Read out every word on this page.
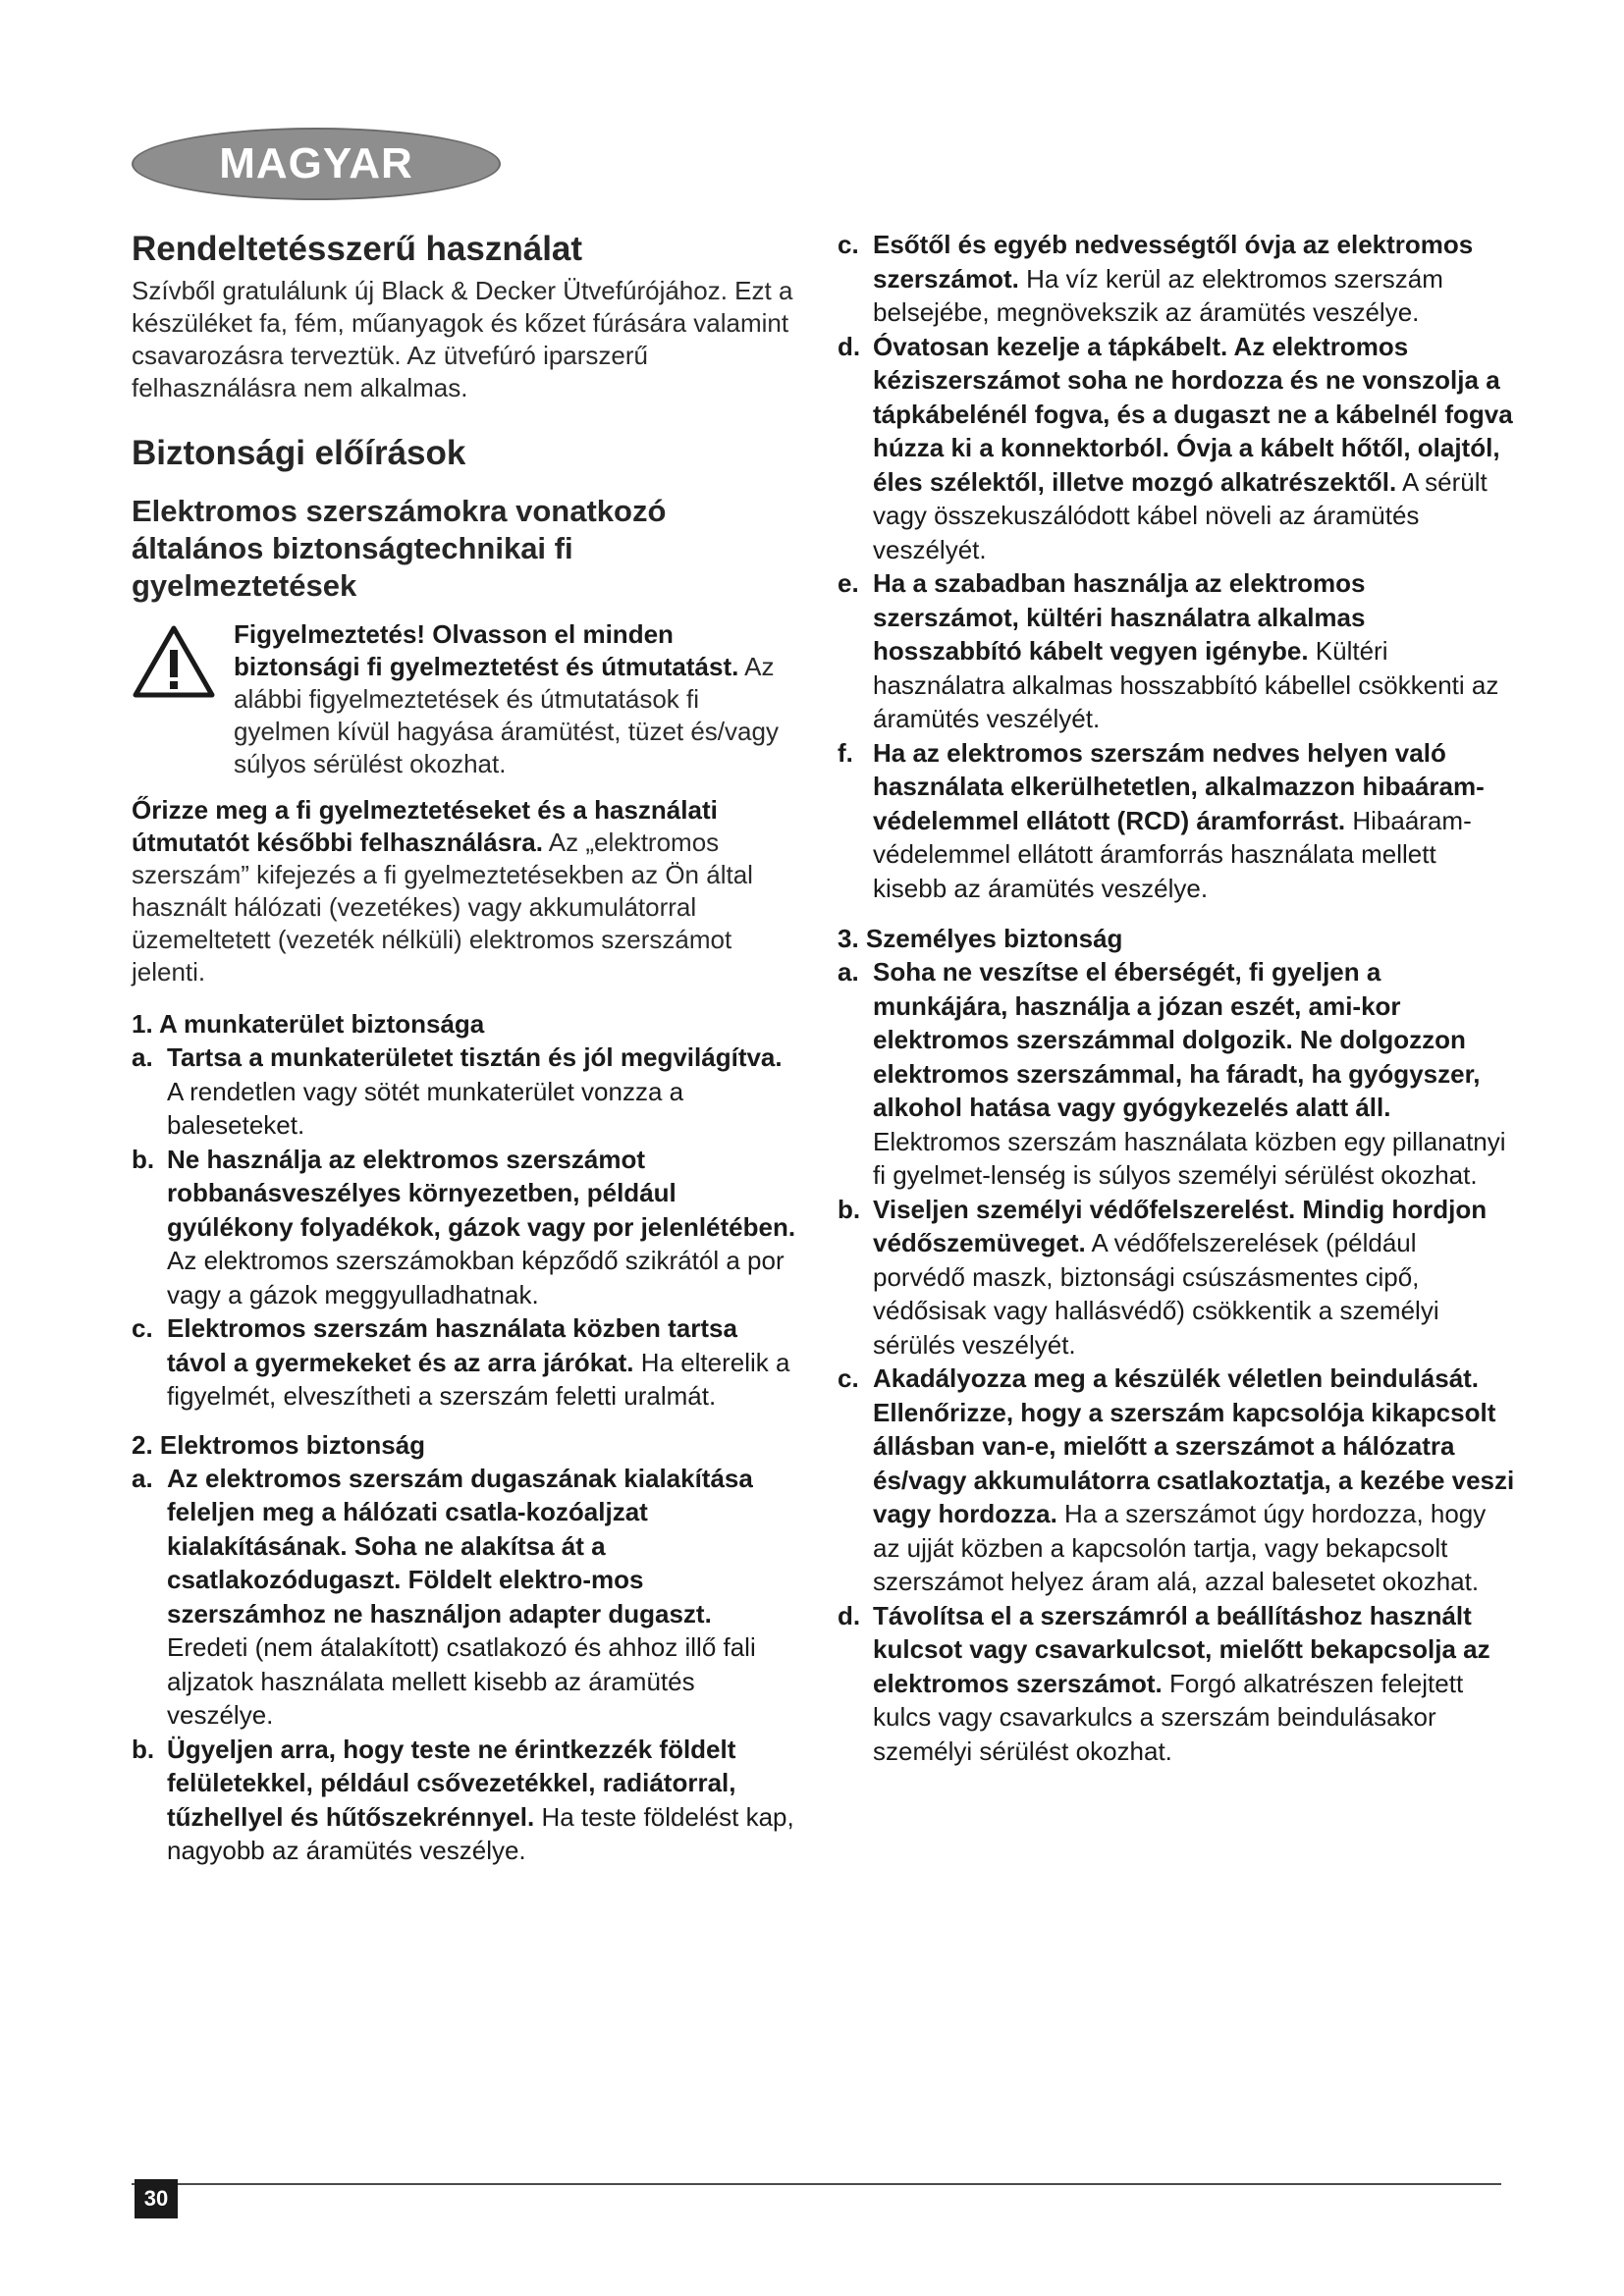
MAGYAR
Rendeltetésszerű használat

Szívből gratulálunk új Black & Decker Ütvefúrójához. Ezt a készüléket fa, fém, műanyagok és kőzet fúrására valamint csavarozásra terveztük. Az ütvefúró iparszerű felhasználásra nem alkalmas.

Biztonsági előírások
Elektromos szerszámokra vonatkozó általános biztonságtechnikai fi gyelmeztetések

Figyelmeztetés! Olvasson el minden biztonsági fi gyelmeztetést és útmutatást. Az alábbi figyelmeztetések és útmutatások fi gyelmen kívül hagyása áramütést, tüzet és/vagy súlyos sérülést okozhat.

Őrizze meg a fi gyelmeztetéseket és a használati útmutatót későbbi felhasználásra. Az „elektromos szerszám” kifejezés a fi gyelmeztetésekben az Ön által használt hálózati (vezetékes) vagy akkumulátorral üzemeltetett (vezeték nélküli) elektromos szerszámot jelenti.

1. A munkaterület biztonsága
a. Tartsa a munkaterületet tisztán és jól megvilágítva. A rendetlen vagy sötét munkaterület vonzza a baleseteket.
b. Ne használja az elektromos szerszámot robbanásveszélyes környezetben, például gyúlékony folyadékok, gázok vagy por jelenlétében. Az elektromos szerszámokban képződő szikrától a por vagy a gázok meggyulladhatnak.
c. Elektromos szerszám használata közben tartsa távol a gyermekeket és az arra járókat. Ha elterelik a figyelmét, elveszítheti a szerszám feletti uralmát.
2. Elektromos biztonság
a. Az elektromos szerszám dugaszának kialakítása feleljen meg a hálózati csatla-kozóaljzat kialakításának. Soha ne alakítsa át a csatlakozódugaszt. Földelt elektro-mos szerszámhoz ne használjon adapter dugaszt. Eredeti (nem átalakított) csatlakozó és ahhoz illő fali aljzatok használata mellett kisebb az áramütés veszélye.
b. Ügyeljen arra, hogy teste ne érintkezzék földelt felületekkel, például csővezetékkel, radiátorral, tűzhellyel és hűtőszekrénnyel. Ha teste földelést kap, nagyobb az áramütés veszélye.
c. Esőtől és egyéb nedvességtől óvja az elektromos szerszámot. Ha víz kerül az elektromos szerszám belsejébe, megnövekszik az áramütés veszélye.
d. Óvatosan kezelje a tápkábelt. Az elektromos kéziszerszámot soha ne hordozza és ne vonszolja a tápkábelénél fogva, és a dugaszt ne a kábelnél fogva húzza ki a konnektorból. Óvja a kábelt hőtől, olajtól, éles szélektől, illetve mozgó alkatrészektől. A sérült vagy összekuszálódott kábel növeli az áramütés veszélyét.
e. Ha a szabadban használja az elektromos szerszámot, kültéri használatra alkalmas hosszabbító kábelt vegyen igénybe. Kültéri használatra alkalmas hosszabbító kábellel csökkenti az áramütés veszélyét.
f. Ha az elektromos szerszám nedves helyen való használata elkerülhetetlen, alkalmazzon hibaáram-védelemmel ellátott (RCD) áramforrást. Hibaáram-védelemmel ellátott áramforrás használata mellett kisebb az áramütés veszélye.
3. Személyes biztonság
a. Soha ne veszítse el éberségét, fi gyeljen a munkájára, használja a józan eszét, ami-kor elektromos szerszámmal dolgozik. Ne dolgozzon elektromos szerszámmal, ha fáradt, ha gyógyszer, alkohol hatása vagy gyógykezelés alatt áll. Elektromos szerszám használata közben egy pillanatnyi fi gyelmet-lenség is súlyos személyi sérülést okozhat.
b. Viseljen személyi védőfelszerelést. Mindig hordjon védőszemüveget. A védőfelszerelések (például porvédő maszk, biztonsági csúszásmentes cipő, védősisak vagy hallásvédő) csökkentik a személyi sérülés veszélyét.
c. Akadályozza meg a készülék véletlen beindulását. Ellenőrizze, hogy a szerszám kapcsolója kikapcsolt állásban van-e, mielőtt a szerszámot a hálózatra és/vagy akkumulátorra csatlakoztatja, a kezébe veszi vagy hordozza. Ha a szerszámot úgy hordozza, hogy az ujját közben a kapcsolón tartja, vagy bekapcsolt szerszámot helyez áram alá, azzal balesetet okozhat.
d. Távolítsa el a szerszámról a beállításhoz használt kulcsot vagy csavarkulcsot, mielőtt bekapcsolja az elektromos szerszámot. Forgó alkatrészen felejtett kulcs vagy csavarkulcs a szerszám beindulásakor személyi sérülést okozhat.
30
